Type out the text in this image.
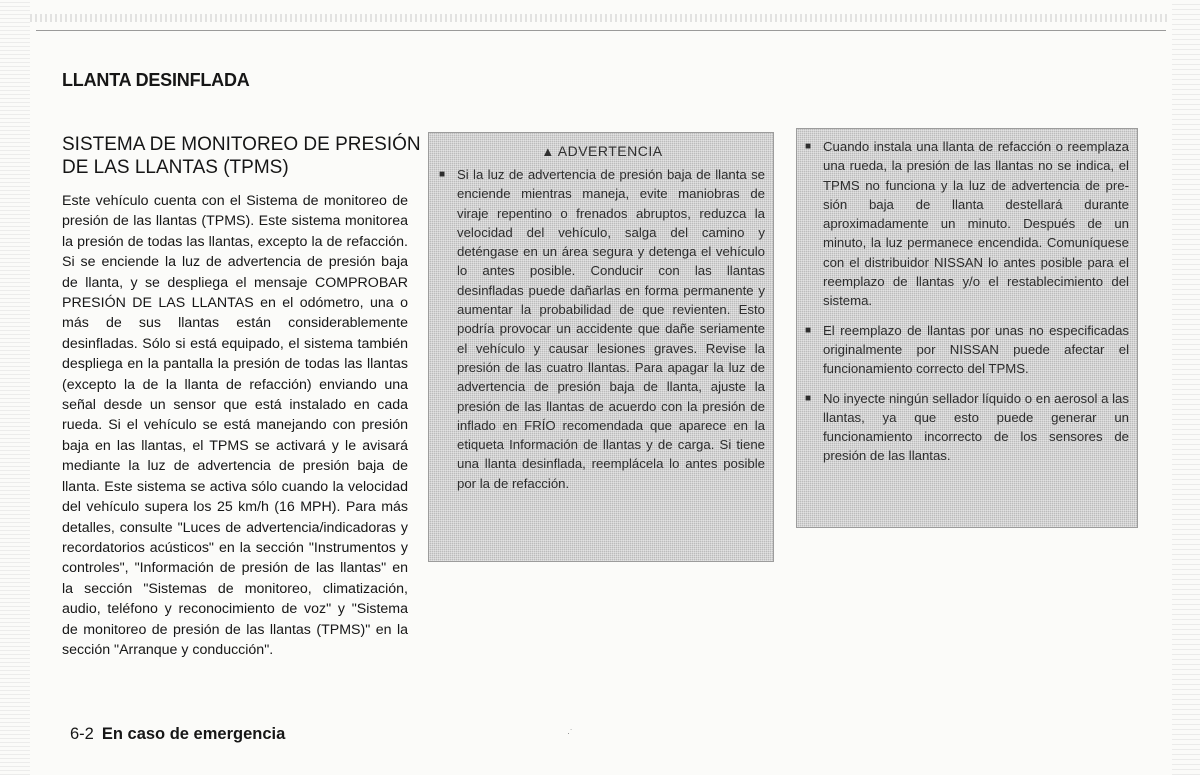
LLANTA DESINFLADA
SISTEMA DE MONITOREO DE PRESIÓN DE LAS LLANTAS (TPMS)

Este vehículo cuenta con el Sistema de monitoreo de presión de las llantas (TPMS). Este sistema monitorea la presión de todas las llantas, excepto la de refacción. Si se enciende la luz de advertencia de presión baja de llanta, y se despliega el mensaje COMPROBAR PRESIÓN DE LAS LLANTAS en el odómetro, una o más de sus llantas están considerablemente desinfladas. Sólo si está equipado, el sistema también despliega en la pantalla la presión de todas las llantas (excepto la de la llanta de refacción) enviando una señal desde un sensor que está instalado en cada rueda. Si el vehículo se está manejando con presión baja en las llantas, el TPMS se activará y le avisará mediante la luz de advertencia de presión baja de llanta. Este sistema se activa sólo cuando la velocidad del vehículo supera los 25 km/h (16 MPH). Para más detalles, consulte "Luces de advertencia/indicadoras y recordatorios acústicos" en la sección "Instrumentos y controles", "Información de presión de las llantas" en la sección "Sistemas de monitoreo, climatización, audio, teléfono y reconocimiento de voz" y "Sistema de monitoreo de presión de las llantas (TPMS)" en la sección "Arranque y conducción".

▲ ADVERTENCIA
■ Si la luz de advertencia de presión baja de llanta se enciende mientras maneja, evite maniobras de viraje repentino o frenados abruptos, reduzca la velocidad del vehículo, salga del camino y deténgase en un área segura y detenga el vehículo lo antes posible. Conducir con las llantas desinfladas puede dañarlas en forma permanente y aumentar la probabilidad de que revienten. Esto podría provocar un accidente que dañe seriamente el vehículo y causar lesiones graves. Revise la presión de las cuatro llantas. Para apagar la luz de advertencia de presión baja de llanta, ajuste la presión de las llantas de acuerdo con la presión de inflado en FRÍO recomendada que aparece en la etiqueta Información de llantas y de carga. Si tiene una llanta desinflada, reemplácela lo antes posible por la de refacción.
■ Cuando instala una llanta de refacción o reemplaza una rueda, la presión de las llantas no se indica, el TPMS no funciona y la luz de advertencia de presión baja de llanta destellará durante aproximadamente un minuto. Después de un minuto, la luz permanece encendida. Comuníquese con el distribuidor NISSAN lo antes posible para el reemplazo de llantas y/o el restablecimiento del sistema.
■ El reemplazo de llantas por unas no especificadas originalmente por NISSAN puede afectar el funcionamiento correcto del TPMS.
■ No inyecte ningún sellador líquido o en aerosol a las llantas, ya que esto puede generar un funcionamiento incorrecto de los sensores de presión de las llantas.
·˙
6-2 En caso de emergencia
